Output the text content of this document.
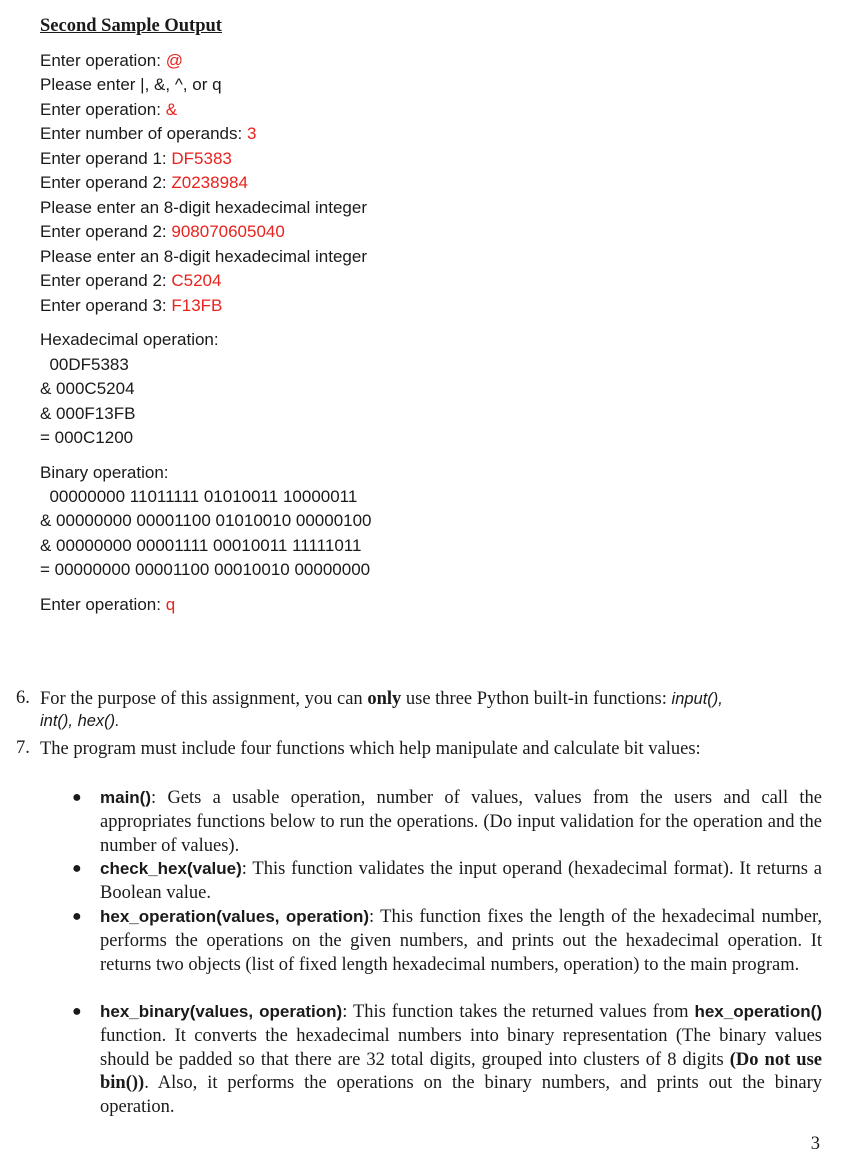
Second Sample Output
Enter operation: @
Please enter |, &, ^, or q
Enter operation: &
Enter number of operands: 3
Enter operand 1: DF5383
Enter operand 2: Z0238984
Please enter an 8-digit hexadecimal integer
Enter operand 2: 908070605040
Please enter an 8-digit hexadecimal integer
Enter operand 2: C5204
Enter operand 3: F13FB
Hexadecimal operation:
00DF5383
& 000C5204
& 000F13FB
= 000C1200
Binary operation:
00000000 11011111 01010011 10000011
& 00000000 00001100 01010010 00000100
& 00000000 00001111 00010011 11111011
= 00000000 00001100 00010010 00000000
Enter operation: q
6. For the purpose of this assignment, you can only use three Python built-in functions: input(),
int(), hex().
7. The program must include four functions which help manipulate and calculate bit values:
● main(): Gets a usable operation, number of values, values from the users and call the appropriates functions below to run the operations. (Do input validation for the operation and the number of values).
● check_hex(value): This function validates the input operand (hexadecimal format). It returns a Boolean value.
● hex_operation(values, operation): This function fixes the length of the hexadecimal number, performs the operations on the given numbers, and prints out the hexadecimal operation. It returns two objects (list of fixed length hexadecimal numbers, operation) to the main program.
● hex_binary(values, operation): This function takes the returned values from hex_operation() function. It converts the hexadecimal numbers into binary representation (The binary values should be padded so that there are 32 total digits, grouped into clusters of 8 digits (Do not use bin()). Also, it performs the operations on the binary numbers, and prints out the binary operation.
3
